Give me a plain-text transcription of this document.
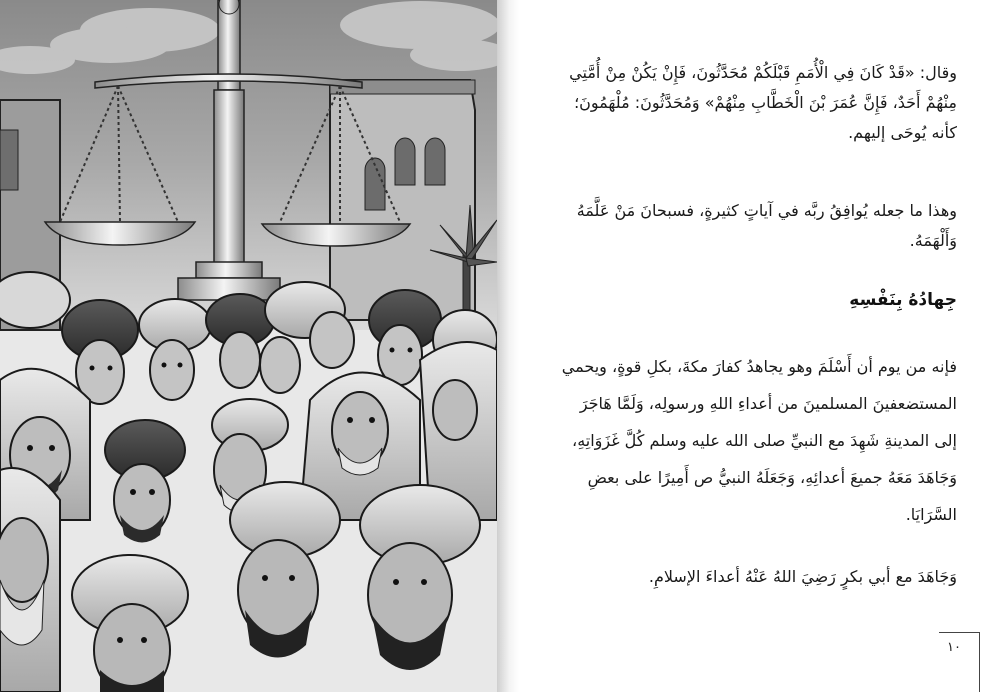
وقال: «قَدْ كَانَ فِي الْأُمَمِ قَبْلَكُمْ مُحَدَّثُونَ، فَإِنْ يَكُنْ مِنْ أُمَّتِي مِنْهُمْ أَحَدٌ، فَإِنَّ عُمَرَ بْنَ الْخَطَّابِ مِنْهُمْ» وَمُحَدَّثُونَ: مُلْهَمُونَ؛ كأنه يُوحَى إليهم.

وهذا ما جعله يُوافِقُ ربَّه في آياتٍ كثيرةٍ، فسبحانَ مَنْ عَلَّمَهُ وَأَلْهَمَهُ.

جِهادُهُ بِنَفْسِهِ

فإنه من يوم أن أَسْلَمَ وهو يجاهدُ كفارَ مكةَ، بكلِ قوةٍ، ويحمي المستضعفينَ المسلمينَ من أعداءِ اللهِ ورسولِه، وَلَمَّا هَاجَرَ إلى المدينةِ شَهِدَ مع النبيِّ صلى الله عليه وسلم كُلَّ غَزَوَاتِهِ، وَجَاهَدَ مَعَهُ جميعَ أعدائِهِ، وَجَعَلَهُ النبيُّ ص أَمِيرًا على بعضِ السَّرَايَا.

وَجَاهَدَ مع أبي بكرٍ رَضِيَ اللهُ عَنْهُ أعداءَ الإسلامِ.

١٠
